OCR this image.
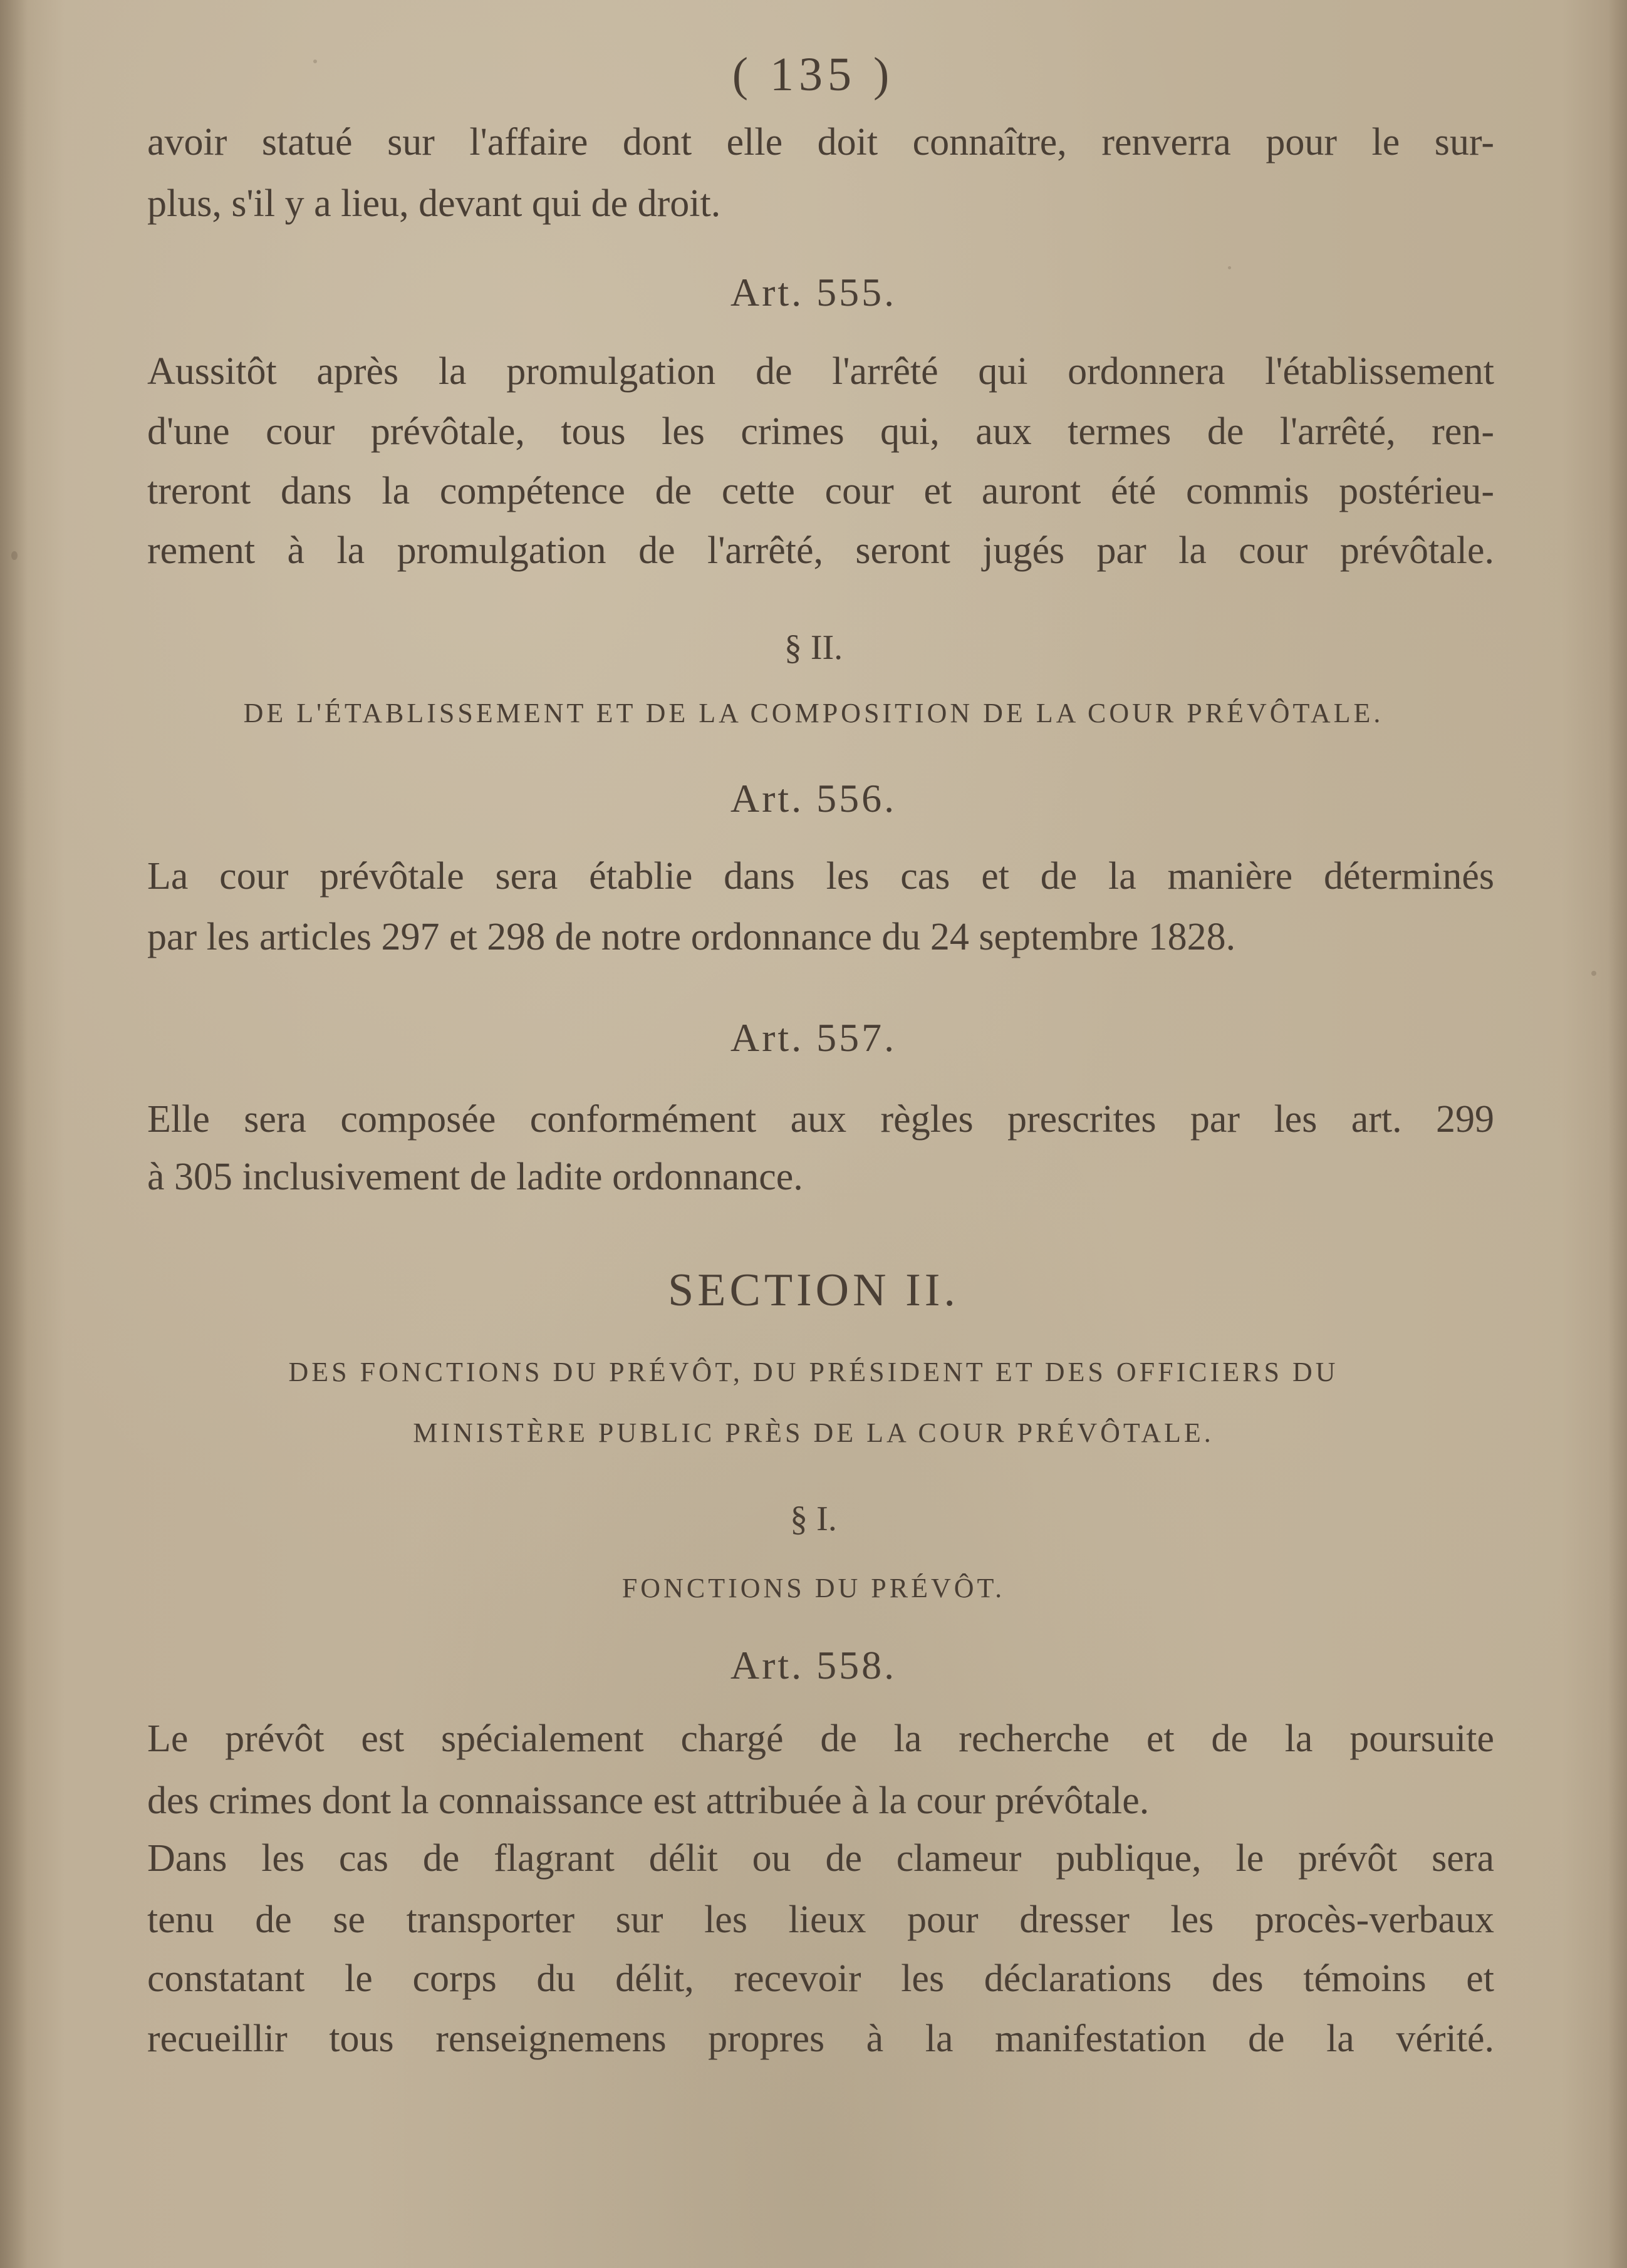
( 135 )
avoir statué sur l'affaire dont elle doit connaître, renverra pour le sur-
plus, s'il y a lieu, devant qui de droit.
Art. 555.
Aussitôt après la promulgation de l'arrêté qui ordonnera l'établissement
d'une cour prévôtale, tous les crimes qui, aux termes de l'arrêté, ren-
treront dans la compétence de cette cour et auront été commis postérieu-
rement à la promulgation de l'arrêté, seront jugés par la cour prévôtale.
§ II.
DE L'ÉTABLISSEMENT ET DE LA COMPOSITION DE LA COUR PRÉVÔTALE.
Art. 556.
La cour prévôtale sera établie dans les cas et de la manière déterminés
par les articles 297 et 298 de notre ordonnance du 24 septembre 1828.
Art. 557.
Elle sera composée conformément aux règles prescrites par les art. 299
à 305 inclusivement de ladite ordonnance.
SECTION II.
DES FONCTIONS DU PRÉVÔT, DU PRÉSIDENT ET DES OFFICIERS DU
MINISTÈRE PUBLIC PRÈS DE LA COUR PRÉVÔTALE.
§ I.
FONCTIONS DU PRÉVÔT.
Art. 558.
Le prévôt est spécialement chargé de la recherche et de la poursuite
des crimes dont la connaissance est attribuée à la cour prévôtale.
Dans les cas de flagrant délit ou de clameur publique, le prévôt sera
tenu de se transporter sur les lieux pour dresser les procès-verbaux
constatant le corps du délit, recevoir les déclarations des témoins et
recueillir tous renseignemens propres à la manifestation de la vérité.
